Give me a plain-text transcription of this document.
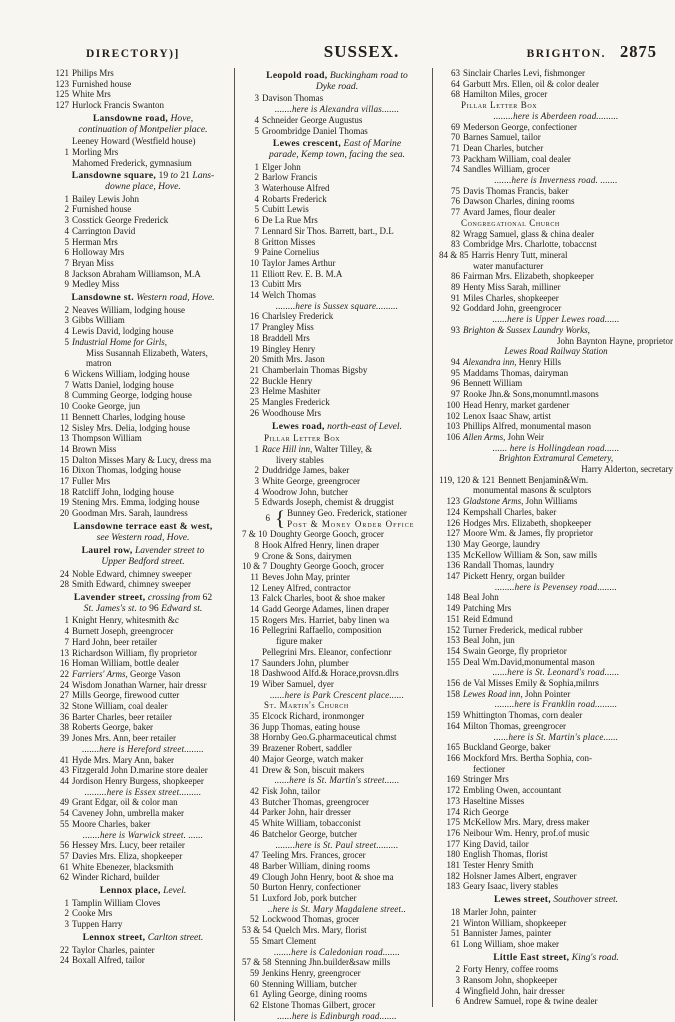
DIRECTORY)]	SUSSEX.	BRIGHTON. 2875
121 Philips Mrs
123 Furnished house
125 White Mrs
127 Hurlock Francis Swanton
Lansdowne road, Hove,
continuation of Montpelier place.
Leeney Howard (Westfield house)
1 Morling Mrs
Mahomed Frederick, gymnasium
Lansdowne square, 19 to 21 Lans-
downe place, Hove.
1 Bailey Lewis John
2 Furnished house
3 Cosstick George Frederick
4 Carrington David
5 Herman Mrs
6 Holloway Mrs
7 Bryan Miss
8 Jackson Abraham Williamson, M.A
9 Medley Miss
Lansdowne st. Western road, Hove.
2 Neaves William, lodging house
3 Gibbs William
4 Lewis David, lodging house
5 Industrial Home for Girls,
Miss Susannah Elizabeth, Waters,
matron
6 Wickens William, lodging house
7 Watts Daniel, lodging house
8 Cumming George, lodging house
10 Cooke George, jun
11 Bennett Charles, lodging house
12 Sisley Mrs. Delia, lodging house
13 Thompson William
14 Brown Miss
15 Dalton Misses Mary & Lucy, dress ma
16 Dixon Thomas, lodging house
17 Fuller Mrs
18 Ratcliff John, lodging house
19 Stening Mrs. Emma, lodging house
20 Goodman Mrs. Sarah, laundress
Lansdowne terrace east & west,
see Western road, Hove.
Laurel row, Lavender street to
Upper Bedford street.
24 Noble Edward, chimney sweeper
28 Smith Edward, chimney sweeper
Lavender street, crossing from 62
St. James's st. to 96 Edward st.
1 Knight Henry, whitesmith &c
4 Burnett Joseph, greengrocer
7 Hard John, beer retailer
13 Richardson William, fly proprietor
16 Homan William, bottle dealer
22 Farriers' Arms, George Vason
24 Wisdom Jonathan Warner, hair dressr
27 Mills George, firewood cutter
32 Stone William, coal dealer
36 Barter Charles, beer retailer
38 Roberts George, baker
39 Jones Mrs. Ann, beer retailer
.......here is Hereford street........
41 Hyde Mrs. Mary Ann, baker
43 Fitzgerald John D.marine store dealer
44 Jordison Henry Burgess, shopkeeper
.........here is Essex street.........
49 Grant Edgar, oil & color man
54 Caveney John, umbrella maker
55 Moore Charles, baker
.......here is Warwick street. ......
56 Hessey Mrs. Lucy, beer retailer
57 Davies Mrs. Eliza, shopkeeper
61 White Ebenezer, blacksmith
62 Winder Richard, builder
Lennox place, Level.
1 Tamplin William Cloves
2 Cooke Mrs
3 Tuppen Harry
Lennox street, Carlton street.
22 Taylor Charles, painter
24 Boxall Alfred, tailor
Leopold road, Buckingham road to
Dyke road.
3 Davison Thomas
.......here is Alexandra villas.......
4 Schneider George Augustus
5 Groombridge Daniel Thomas
Lewes crescent, East of Marine
parade, Kemp town, facing the sea.
1 Elger John
2 Barlow Francis
3 Waterhouse Alfred
4 Robarts Frederick
5 Cubitt Lewis
6 De La Rue Mrs
7 Lennard Sir Thos. Barrett, bart., D.L
8 Gritton Misses
9 Paine Cornelius
10 Taylor James Arthur
11 Elliott Rev. E. B. M.A
13 Cubitt Mrs
14 Welch Thomas
........here is Sussex square.........
16 Charlsley Frederick
17 Prangley Miss
18 Braddell Mrs
19 Bingley Henry
20 Smith Mrs. Jason
21 Chamberlain Thomas Bigsby
22 Buckle Henry
23 Helme Mashiter
25 Mangles Frederick
26 Woodhouse Mrs
Lewes road, north-east of Level.
Pillar Letter Box
1 Race Hill inn, Walter Tilley, &
livery stables
2 Duddridge James, baker
3 White George, greengrocer
4 Woodrow John, butcher
5 Edwards Joseph, chemist & druggist
6 { Bunney Geo. Frederick, stationer
Post & Money Order Office
7 & 10 Doughty George Gooch, grocer
8 Hook Alfred Henry, linen draper
9 Crone & Sons, dairymen
10 & 7 Doughty George Gooch, grocer
11 Beves John May, printer
12 Leney Alfred, contractor
13 Falck Charles, boot & shoe maker
14 Gadd George Adames, linen draper
15 Rogers Mrs. Harriet, baby linen wa
16 Pellegrini Raffaello, composition
figure maker
Pellegrini Mrs. Eleanor, confectionr
17 Saunders John, plumber
18 Dashwood Alfd.& Horace,provsn.dlrs
19 Wiber Samuel, dyer
......here is Park Crescent place......
St. Martin's Church
35 Elcock Richard, ironmonger
36 Jupp Thomas, eating house
38 Hornby Geo.G.pharmaceutical chmst
39 Brazener Robert, saddler
40 Major George, watch maker
41 Drew & Son, biscuit makers
......here is St. Martin's street......
42 Fisk John, tailor
43 Butcher Thomas, greengrocer
44 Parker John, hair dresser
45 White William, tobacconist
46 Batchelor George, butcher
........here is St. Paul street.........
47 Teeling Mrs. Frances, grocer
48 Barber William, dining rooms
49 Clough John Henry, boot & shoe ma
50 Burton Henry, confectioner
51 Luxford Job, pork butcher
..here is St. Mary Magdalene street..
52 Lockwood Thomas, grocer
53 & 54 Quelch Mrs. Mary, florist
55 Smart Clement
.......here is Caledonian road.......
57 & 58 Stenning Jhn.builder&saw mills
59 Jenkins Henry, greengrocer
60 Stenning William, butcher
61 Ayling George, dining rooms
62 Elstone Thomas Gilbert, grocer
......here is Edinburgh road.......
63 Sinclair Charles Levi, fishmonger
64 Garbutt Mrs. Ellen, oil & color dealer
68 Hamilton Miles, grocer
Pillar Letter Box
........here is Aberdeen road.........
69 Mederson George, confectioner
70 Barnes Samuel, tailor
71 Dean Charles, butcher
73 Packham William, coal dealer
74 Sandles William, grocer
.......here is Inverness road. .......
75 Davis Thomas Francis, baker
76 Dawson Charles, dining rooms
77 Avard James, flour dealer
Congregational Church
82 Wragg Samuel, glass & china dealer
83 Combridge Mrs. Charlotte, tobaccnst
84 & 85 Harris Henry Tutt, mineral
water manufacturer
86 Fairman Mrs. Elizabeth, shopkeeper
89 Henty Miss Sarah, milliner
91 Miles Charles, shopkeeper
92 Goddard John, greengrocer
......here is Upper Lewes road......
93 Brighton & Sussex Laundry Works,
John Baynton Hayne, proprietor
Lewes Road Railway Station
94 Alexandra inn, Henry Hills
95 Maddams Thomas, dairyman
96 Bennett William
97 Rooke Jhn.& Sons,monumntl.masons
100 Head Henry, market gardener
102 Lenox Isaac Shaw, artist
103 Phillips Alfred, monumental mason
106 Allen Arms, John Weir
...... here is Hollingdean road......
Brighton Extramural Cemetery,
Harry Alderton, secretary
119, 120 & 121 Bennett Benjamin&Wm.
monumental masons & sculptors
123 Gladstone Arms, John Williams
124 Kempshall Charles, baker
126 Hodges Mrs. Elizabeth, shopkeeper
127 Moore Wm. & James, fly proprietor
130 May George, laundry
135 McKellow William & Son, saw mills
136 Randall Thomas, laundry
147 Pickett Henry, organ builder
........here is Pevensey road........
148 Beal John
149 Patching Mrs
151 Reid Edmund
152 Turner Frederick, medical rubber
153 Beal John, jun
154 Swain George, fly proprietor
155 Deal Wm.David,monumental mason
......here is St. Leonard's road......
156 de Val Misses Emily & Sophia,milnrs
158 Lewes Road inn, John Pointer
........here is Franklin road.........
159 Whittington Thomas, corn dealer
164 Milton Thomas, greengrocer
......here is St. Martin's place......
165 Buckland George, baker
166 Mockford Mrs. Bertha Sophia, con-
fectioner
169 Stringer Mrs
172 Embling Owen, accountant
173 Haseltine Misses
174 Rich George
175 McKellow Mrs. Mary, dress maker
176 Neibour Wm. Henry, prof.of music
177 King David, tailor
180 English Thomas, florist
181 Tester Henry Smith
182 Holsner James Albert, engraver
183 Geary Isaac, livery stables
Lewes street, Southover street.
18 Marler John, painter
21 Winton William, shopkeeper
51 Bannister James, painter
61 Long William, shoe maker
Little East street, King's road.
2 Forty Henry, coffee rooms
3 Ransom John, shopkeeper
4 Wingfield John, hair dresser
6 Andrew Samuel, rope & twine dealer
